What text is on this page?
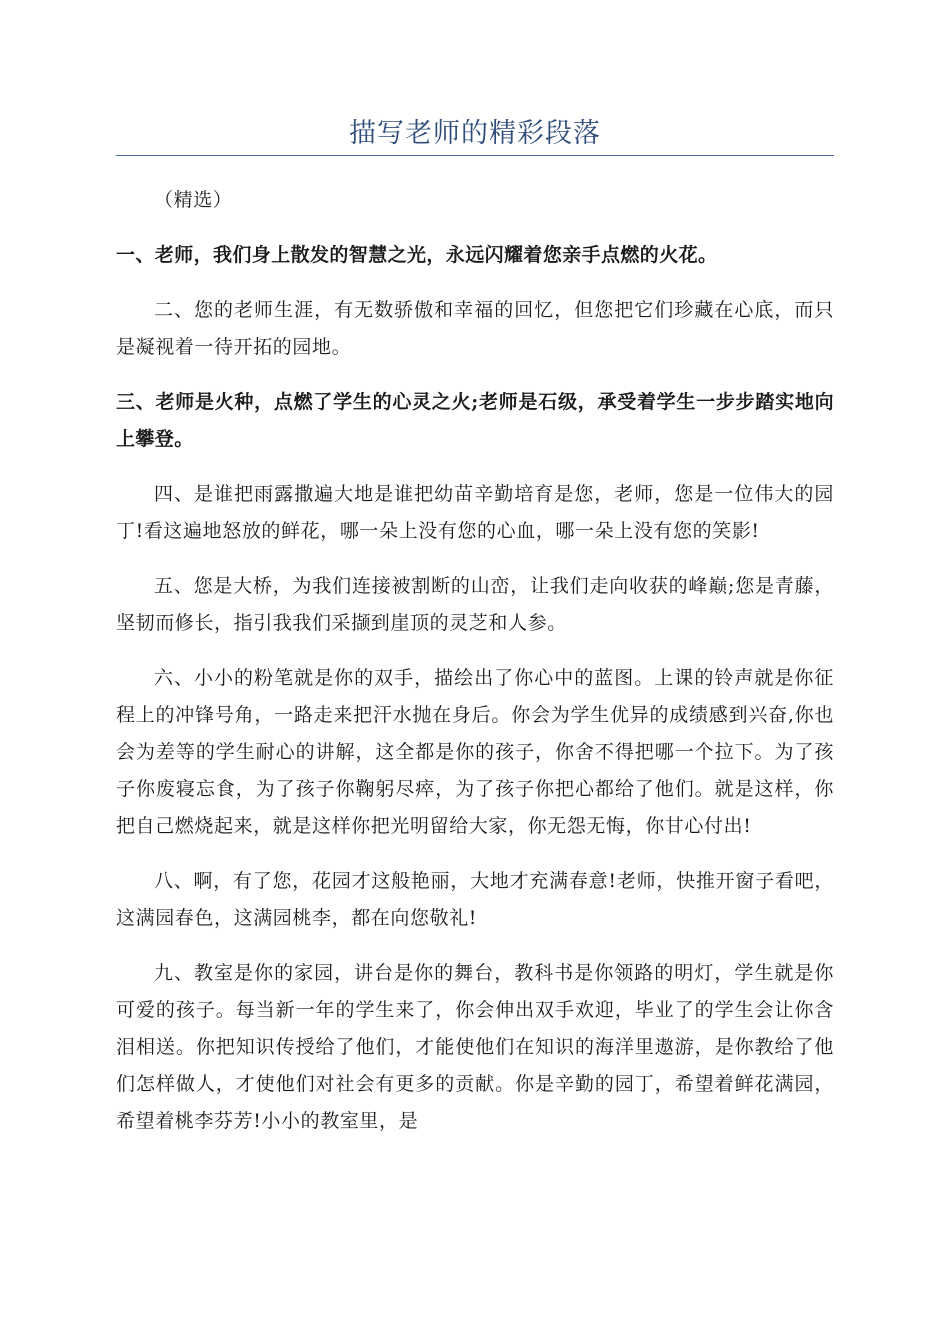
描写老师的精彩段落

（精选）

一、老师，我们身上散发的智慧之光，永远闪耀着您亲手点燃的火花。

二、您的老师生涯，有无数骄傲和幸福的回忆，但您把它们珍藏在心底，而只是凝视着一待开拓的园地。

三、老师是火种，点燃了学生的心灵之火;老师是石级，承受着学生一步步踏实地向上攀登。

四、是谁把雨露撒遍大地是谁把幼苗辛勤培育是您，老师，您是一位伟大的园丁!看这遍地怒放的鲜花，哪一朵上没有您的心血，哪一朵上没有您的笑影!

五、您是大桥，为我们连接被割断的山峦，让我们走向收获的峰巅;您是青藤，坚韧而修长，指引我我们采撷到崖顶的灵芝和人参。

六、小小的粉笔就是你的双手，描绘出了你心中的蓝图。上课的铃声就是你征程上的冲锋号角，一路走来把汗水抛在身后。你会为学生优异的成绩感到兴奋,你也会为差等的学生耐心的讲解，这全都是你的孩子，你舍不得把哪一个拉下。为了孩子你废寝忘食，为了孩子你鞠躬尽瘁，为了孩子你把心都给了他们。就是这样，你把自己燃烧起来，就是这样你把光明留给大家，你无怨无悔，你甘心付出!

八、啊，有了您，花园才这般艳丽，大地才充满春意!老师，快推开窗子看吧，这满园春色，这满园桃李，都在向您敬礼!

九、教室是你的家园，讲台是你的舞台，教科书是你领路的明灯，学生就是你可爱的孩子。每当新一年的学生来了，你会伸出双手欢迎，毕业了的学生会让你含泪相送。你把知识传授给了他们，才能使他们在知识的海洋里遨游，是你教给了他们怎样做人，才使他们对社会有更多的贡献。你是辛勤的园丁，希望着鲜花满园，希望着桃李芬芳!小小的教室里，是
